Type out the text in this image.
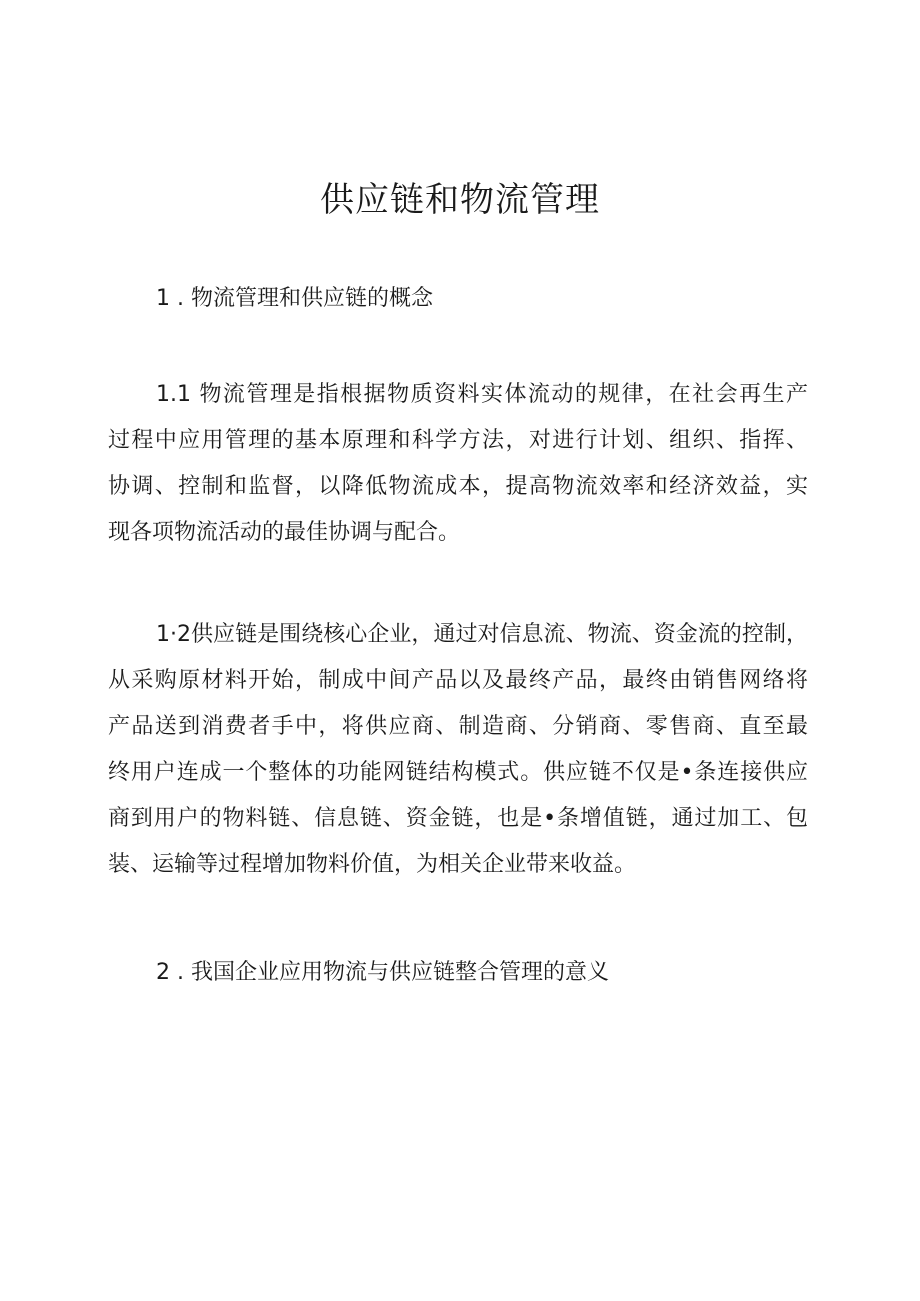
供应链和物流管理

1 . 物流管理和供应链的概念

1.1 物流管理是指根据物质资料实体流动的规律，在社会再生产
过程中应用管理的基本原理和科学方法，对进行计划、组织、指挥、
协调、控制和监督，以降低物流成本，提高物流效率和经济效益，实
现各项物流活动的最佳协调与配合。
1·2供应链是围绕核心企业，通过对信息流、物流、资金流的控制，
从采购原材料开始，制成中间产品以及最终产品，最终由销售网络将
产品送到消费者手中，将供应商、制造商、分销商、零售商、直至最
终用户连成一个整体的功能网链结构模式。供应链不仅是•条连接供应
商到用户的物料链、信息链、资金链，也是•条增值链，通过加工、包
装、运输等过程增加物料价值，为相关企业带来收益。

2 . 我国企业应用物流与供应链整合管理的意义
